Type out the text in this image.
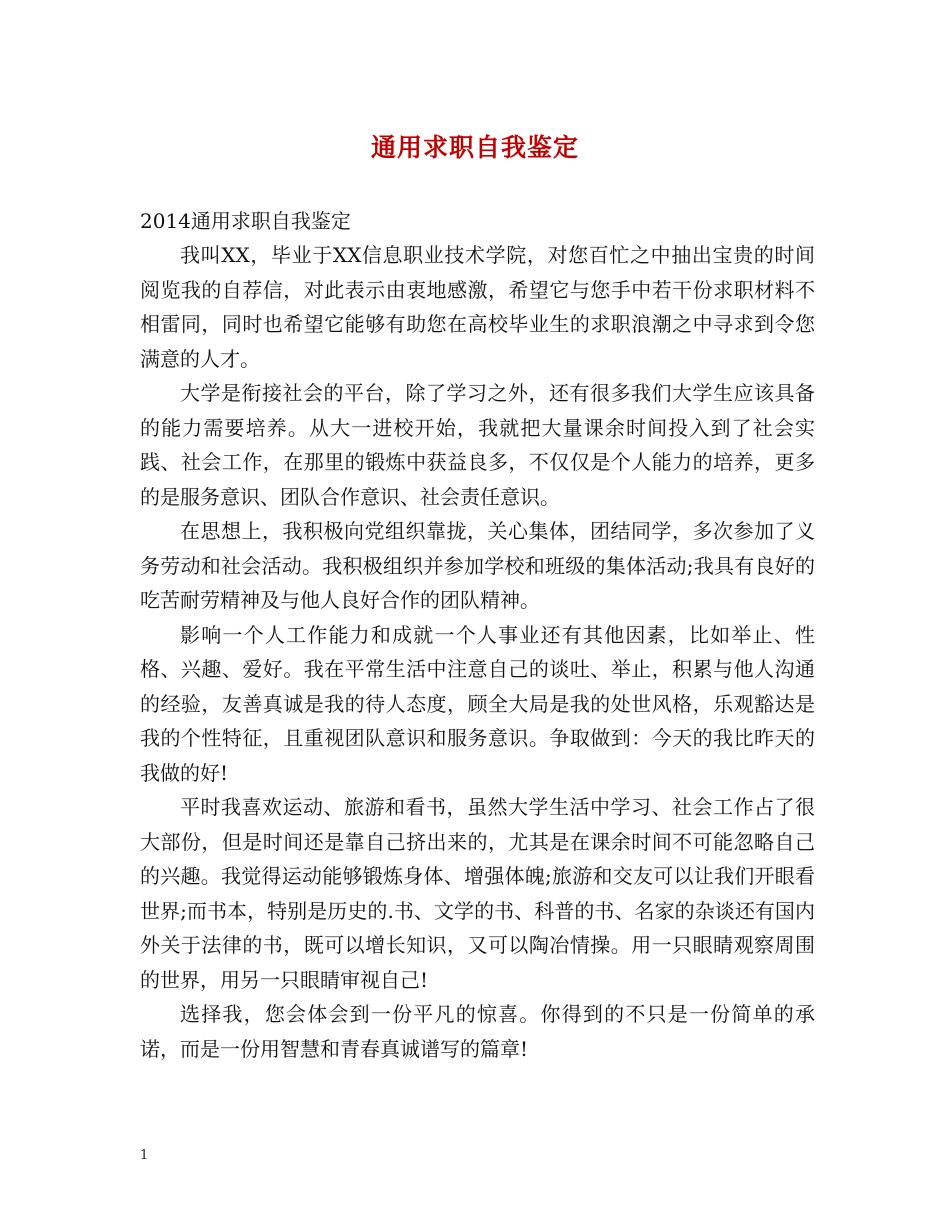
通用求职自我鉴定
2014通用求职自我鉴定

我叫XX，毕业于XX信息职业技术学院，对您百忙之中抽出宝贵的时间阅览我的自荐信，对此表示由衷地感激，希望它与您手中若干份求职材料不相雷同，同时也希望它能够有助您在高校毕业生的求职浪潮之中寻求到令您满意的人才。

大学是衔接社会的平台，除了学习之外，还有很多我们大学生应该具备的能力需要培养。从大一进校开始，我就把大量课余时间投入到了社会实践、社会工作，在那里的锻炼中获益良多，不仅仅是个人能力的培养，更多的是服务意识、团队合作意识、社会责任意识。

在思想上，我积极向党组织靠拢，关心集体，团结同学，多次参加了义务劳动和社会活动。我积极组织并参加学校和班级的集体活动;我具有良好的吃苦耐劳精神及与他人良好合作的团队精神。

影响一个人工作能力和成就一个人事业还有其他因素，比如举止、性格、兴趣、爱好。我在平常生活中注意自己的谈吐、举止，积累与他人沟通的经验，友善真诚是我的待人态度，顾全大局是我的处世风格，乐观豁达是我的个性特征，且重视团队意识和服务意识。争取做到：今天的我比昨天的我做的好!

平时我喜欢运动、旅游和看书，虽然大学生活中学习、社会工作占了很大部份，但是时间还是靠自己挤出来的，尤其是在课余时间不可能忽略自己的兴趣。我觉得运动能够锻炼身体、增强体魄;旅游和交友可以让我们开眼看世界;而书本，特别是历史的.书、文学的书、科普的书、名家的杂谈还有国内外关于法律的书，既可以增长知识，又可以陶冶情操。用一只眼睛观察周围的世界，用另一只眼睛审视自己!

选择我，您会体会到一份平凡的惊喜。你得到的不只是一份简单的承诺，而是一份用智慧和青春真诚谱写的篇章!

1
